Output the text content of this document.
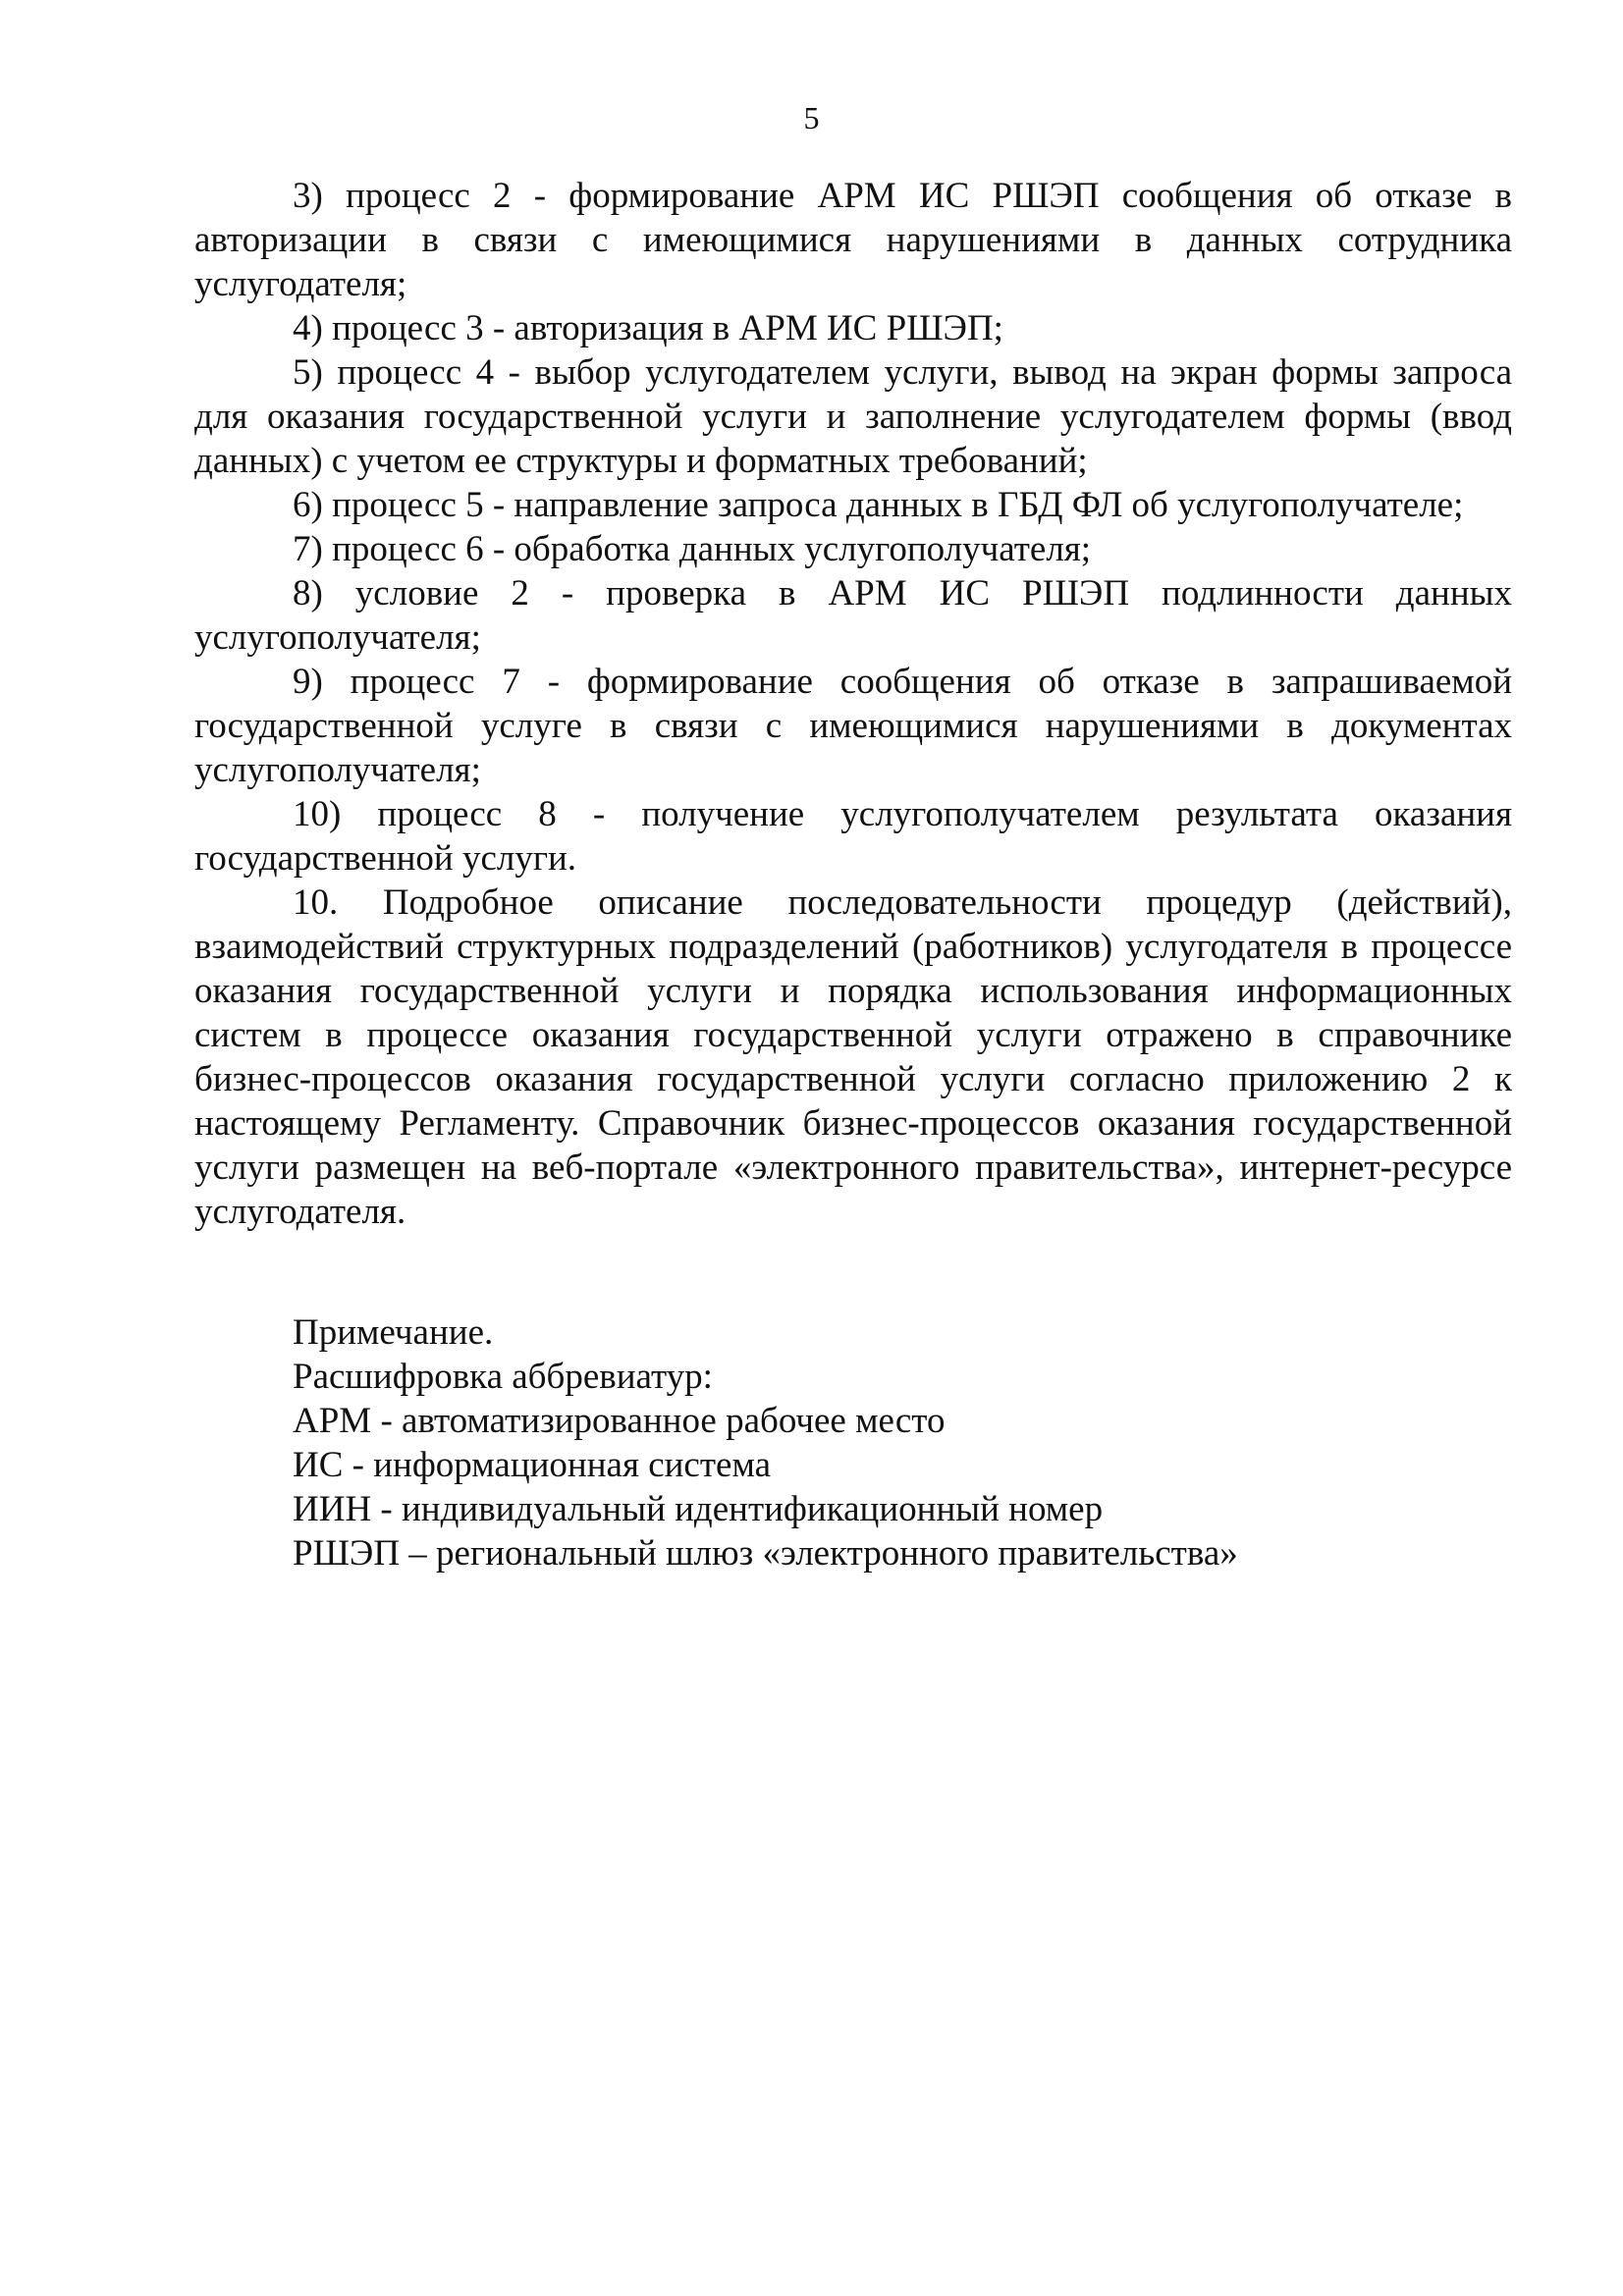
5

3) процесс 2 - формирование АРМ ИС РШЭП сообщения об отказе в авторизации в связи с имеющимися нарушениями в данных сотрудника услугодателя;

4) процесс 3 - авторизация в АРМ ИС РШЭП;

5) процесс 4 - выбор услугодателем услуги, вывод на экран формы запроса для оказания государственной услуги и заполнение услугодателем формы (ввод данных) с учетом ее структуры и форматных требований;

6) процесс 5 - направление запроса данных в ГБД ФЛ об услугополучателе;

7) процесс 6 - обработка данных услугополучателя;

8) условие 2 - проверка в АРМ ИС РШЭП подлинности данных услугополучателя;

9) процесс 7 - формирование сообщения об отказе в запрашиваемой государственной услуге в связи с имеющимися нарушениями в документах услугополучателя;

10) процесс 8 - получение услугополучателем результата оказания государственной услуги.

10. Подробное описание последовательности процедур (действий), взаимодействий структурных подразделений (работников) услугодателя в процессе оказания государственной услуги и порядка использования информационных систем в процессе оказания государственной услуги отражено в справочнике бизнес-процессов оказания государственной услуги согласно приложению 2 к настоящему Регламенту. Справочник бизнес-процессов оказания государственной услуги размещен на веб-портале «электронного правительства», интернет-ресурсе услугодателя.

Примечание.

Расшифровка аббревиатур:

АРМ - автоматизированное рабочее место

ИС - информационная система

ИИН - индивидуальный идентификационный номер

РШЭП – региональный шлюз «электронного правительства»
